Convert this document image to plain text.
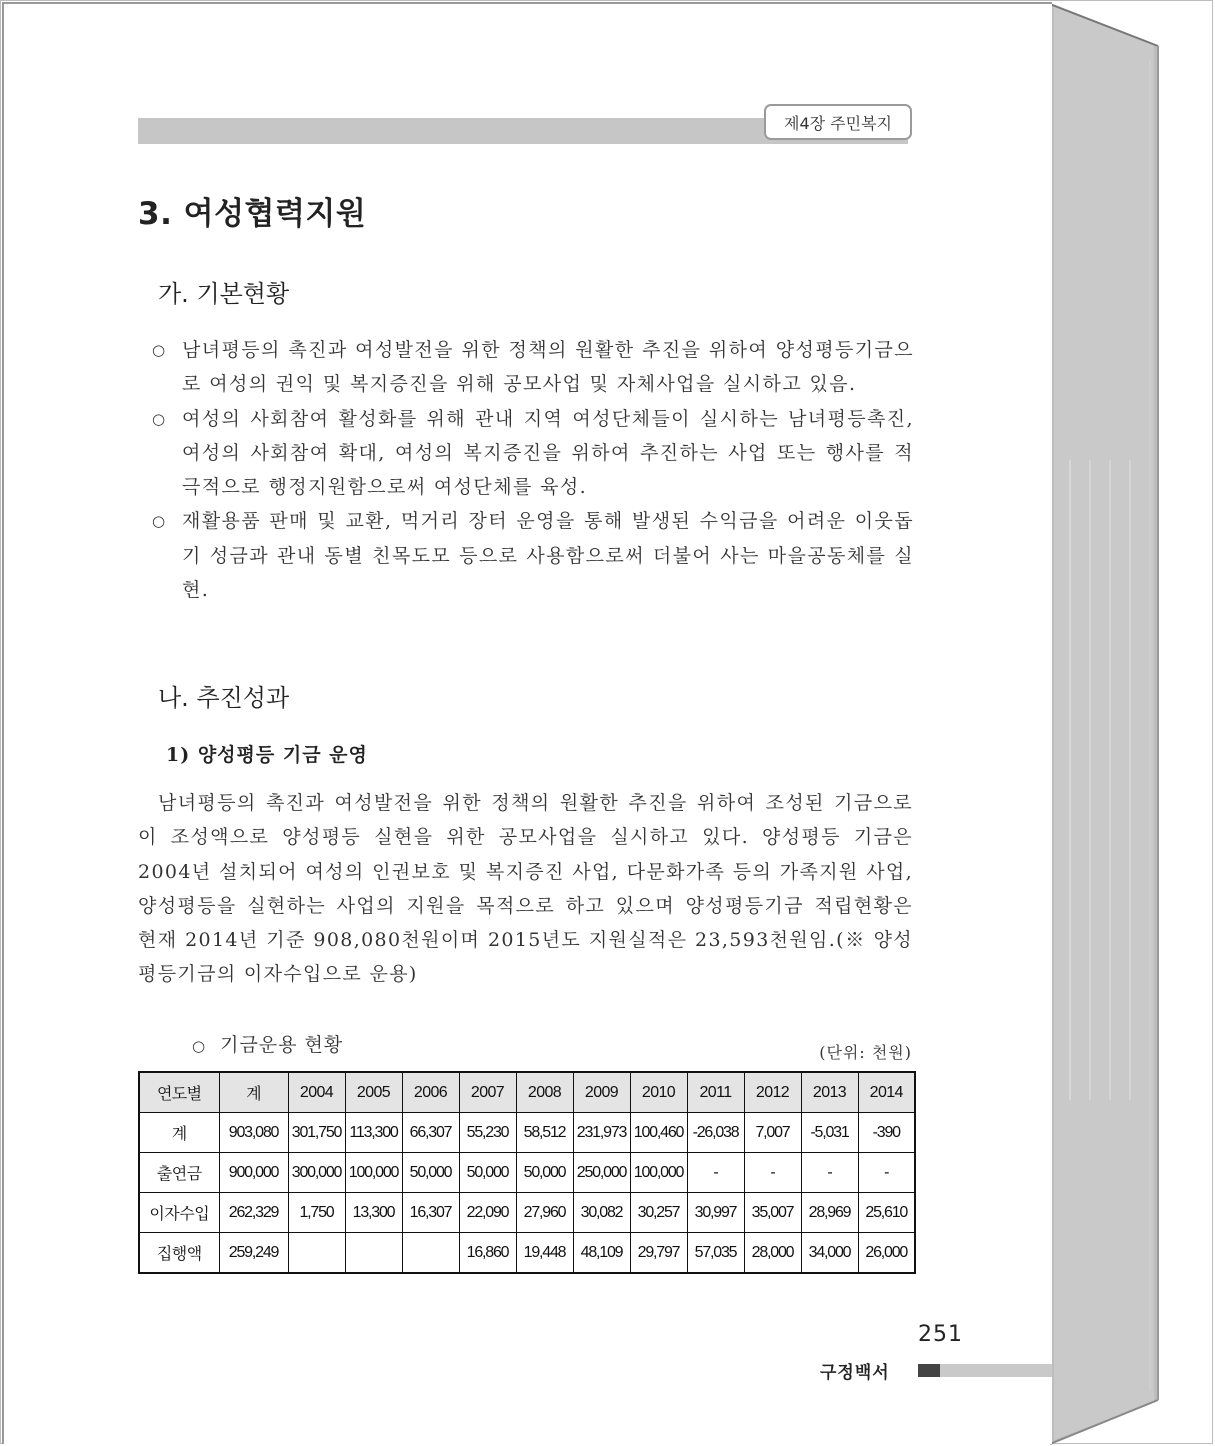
제4장 주민복지
3. 여성협력지원
가. 기본현황
○ 남녀평등의 촉진과 여성발전을 위한 정책의 원활한 추진을 위하여 양성평등기금으로 여성의 권익 및 복지증진을 위해 공모사업 및 자체사업을 실시하고 있음.
○ 여성의 사회참여 활성화를 위해 관내 지역 여성단체들이 실시하는 남녀평등촉진, 여성의 사회참여 확대, 여성의 복지증진을 위하여 추진하는 사업 또는 행사를 적극적으로 행정지원함으로써 여성단체를 육성.
○ 재활용품 판매 및 교환, 먹거리 장터 운영을 통해 발생된 수익금을 어려운 이웃돕기 성금과 관내 동별 친목도모 등으로 사용함으로써 더불어 사는 마을공동체를 실현.
나. 추진성과
1) 양성평등 기금 운영

남녀평등의 촉진과 여성발전을 위한 정책의 원활한 추진을 위하여 조성된 기금으로 이 조성액으로 양성평등 실현을 위한 공모사업을 실시하고 있다. 양성평등 기금은 2004년 설치되어 여성의 인권보호 및 복지증진 사업, 다문화가족 등의 가족지원 사업, 양성평등을 실현하는 사업의 지원을 목적으로 하고 있으며 양성평등기금 적립현황은 현재 2014년 기준 908,080천원이며 2015년도 지원실적은 23,593천원임.(※ 양성평등기금의 이자수입으로 운용)

○ 기금운용 현황	(단위: 천원)
연도별	계	2004	2005	2006	2007	2008	2009	2010	2011	2012	2013	2014
계	903,080	301,750	113,300	66,307	55,230	58,512	231,973	100,460	-26,038	7,007	-5,031	-390
출연금	900,000	300,000	100,000	50,000	50,000	50,000	250,000	100,000	-	-	-	-
이자수입	262,329	1,750	13,300	16,307	22,090	27,960	30,082	30,257	30,997	35,007	28,969	25,610
집행액	259,249				16,860	19,448	48,109	29,797	57,035	28,000	34,000	26,000
251
구정백서
